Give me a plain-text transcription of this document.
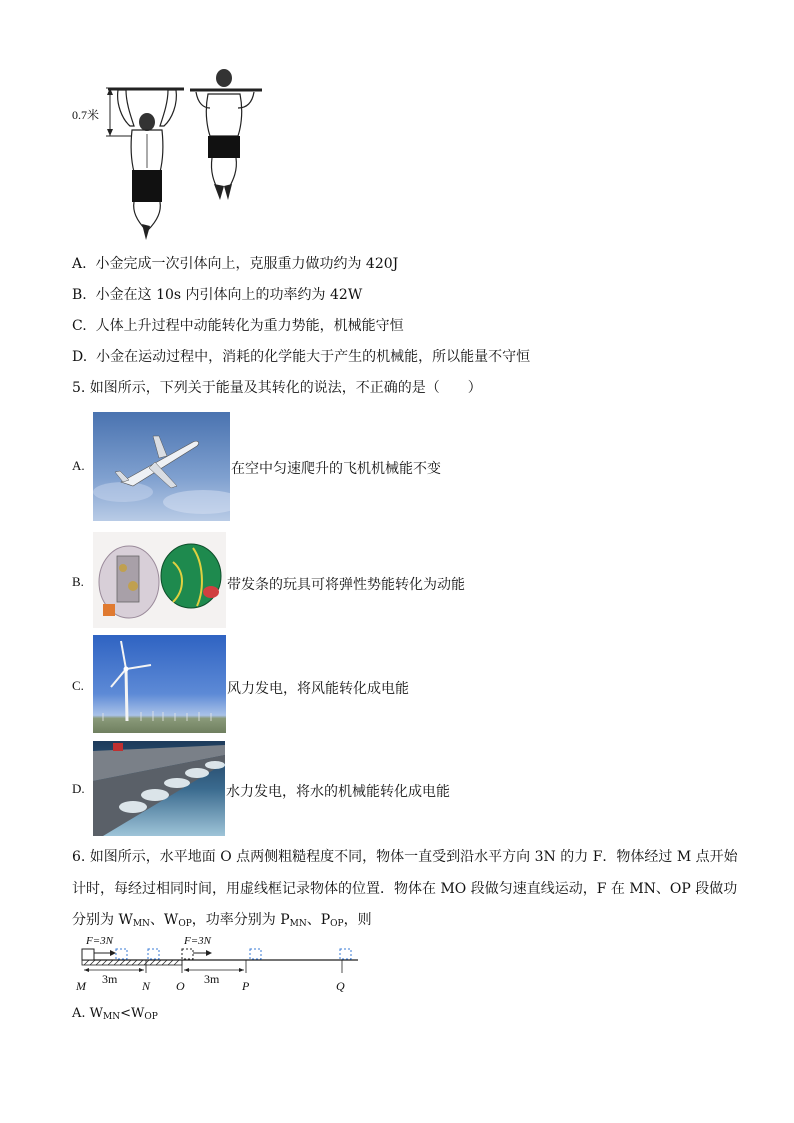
0.7米
A. 小金完成一次引体向上，克服重力做功约为 420J
B. 小金在这 10s 内引体向上的功率约为 42W
C. 人体上升过程中动能转化为重力势能，机械能守恒
D. 小金在运动过程中，消耗的化学能大于产生的机械能，所以能量不守恒
5. 如图所示，下列关于能量及其转化的说法，不正确的是（　　）
A.	在空中匀速爬升的飞机机械能不变
B.	带发条的玩具可将弹性势能转化为动能
C.	风力发电，将风能转化成电能
D.	水力发电，将水的机械能转化成电能
6. 如图所示，水平地面 O 点两侧粗糙程度不同，物体一直受到沿水平方向 3N 的力 F．物体经过 M 点开始
计时，每经过相同时间，用虚线框记录物体的位置．物体在 MO 段做匀速直线运动，F 在 MN、OP 段做功
分别为 $W_{MN}$、$W_{OP}$，功率分别为 $P_{MN}$、$P_{OP}$，则
F=3N	F=3N
3m	3m
M	N O	P	Q
A. $W_{MN}<W_{OP}$
